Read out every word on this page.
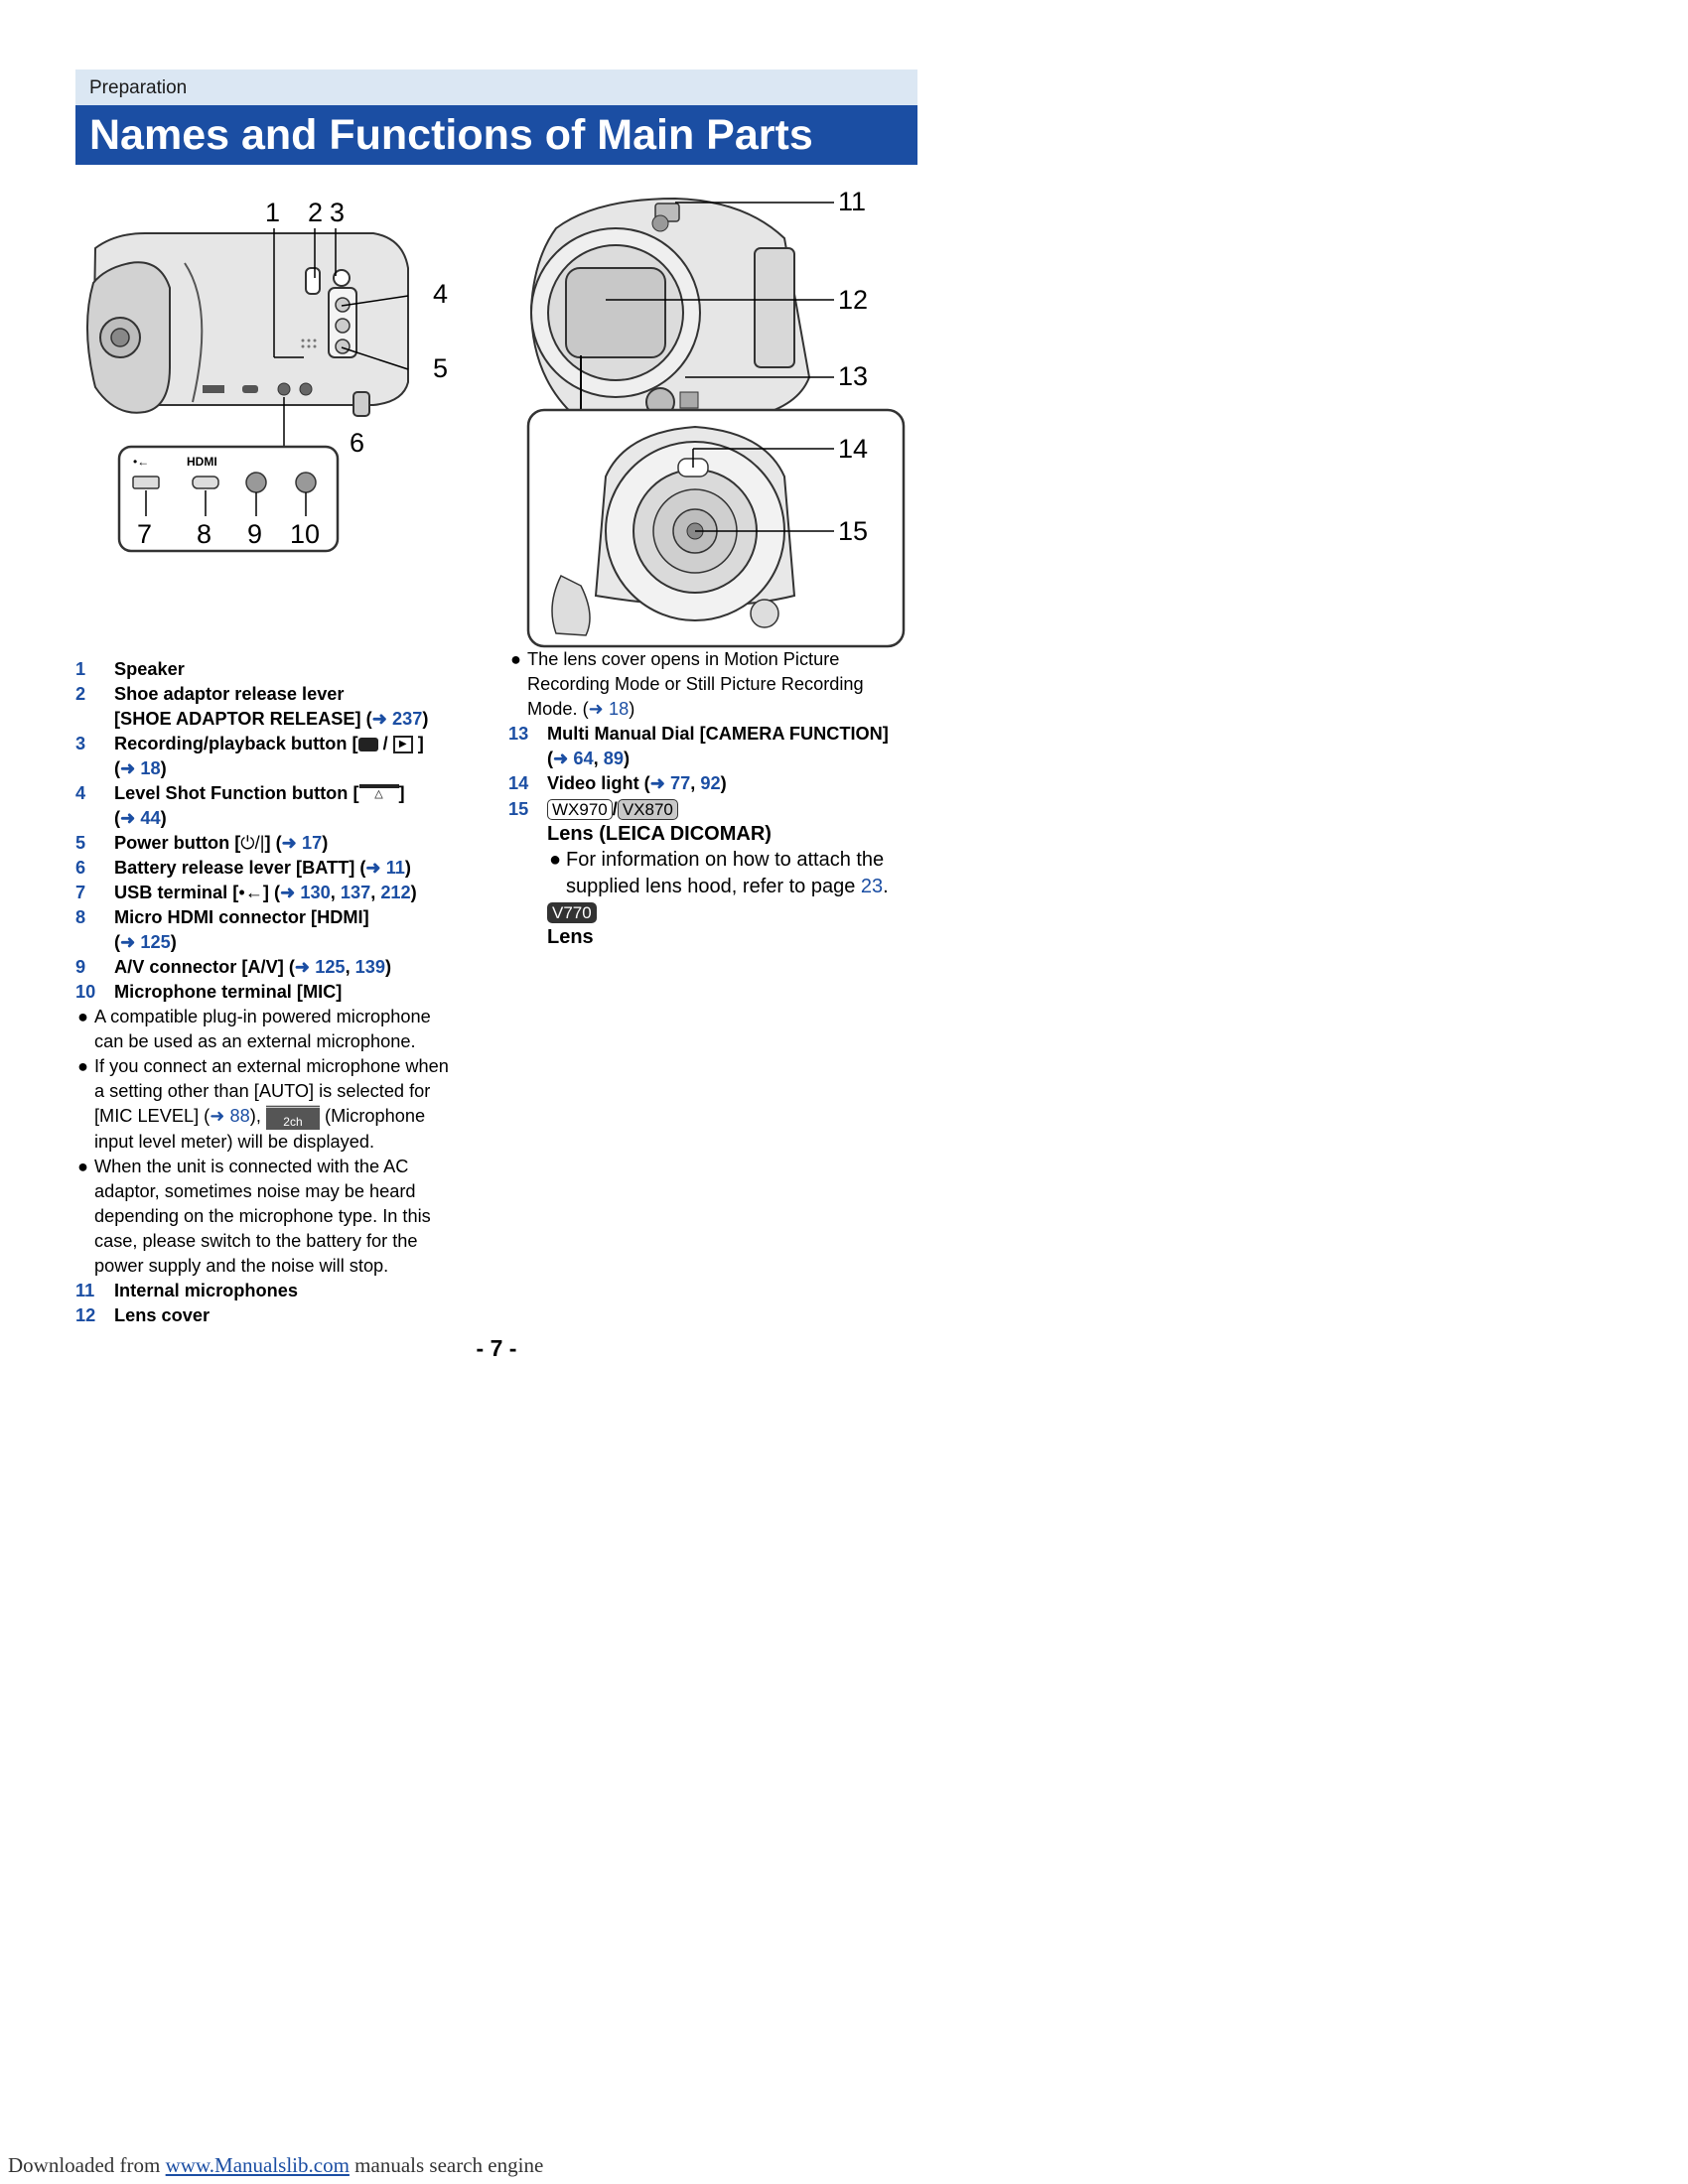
Preparation
Names and Functions of Main Parts
1 2 3
4
5
6
•←	HDMI
7 8 9 10
11
12
13
14
15
1 Speaker
2 Shoe adaptor release lever
[SHOE ADAPTOR RELEASE] (➜ 237)
3 Recording/playback button [ / ▶ ]
(➜ 18)
4 Level Shot Function button [ △ ]
(➜ 44)
5 Power button [⏻/|] (➜ 17)
6 Battery release lever [BATT] (➜ 11)
7 USB terminal [•←] (➜ 130, 137, 212)
8 Micro HDMI connector [HDMI]
(➜ 125)
9 A/V connector [A/V] (➜ 125, 139)
10 Microphone terminal [MIC]
● A compatible plug-in powered microphone
can be used as an external microphone.
● If you connect an external microphone when
a setting other than [AUTO] is selected for
[MIC LEVEL] (➜ 88), 2ch (Microphone
input level meter) will be displayed.
● When the unit is connected with the AC
adaptor, sometimes noise may be heard
depending on the microphone type. In this
case, please switch to the battery for the
power supply and the noise will stop.
11 Internal microphones
12 Lens cover
● The lens cover opens in Motion Picture
Recording Mode or Still Picture Recording
Mode. (➜ 18)
13 Multi Manual Dial [CAMERA FUNCTION]
(➜ 64, 89)
14 Video light (➜ 77, 92)
15 WX970 / VX870
Lens (LEICA DICOMAR)
● For information on how to attach the
supplied lens hood, refer to page 23.
V770
Lens
- 7 -
Downloaded from www.Manualslib.com manuals search engine
